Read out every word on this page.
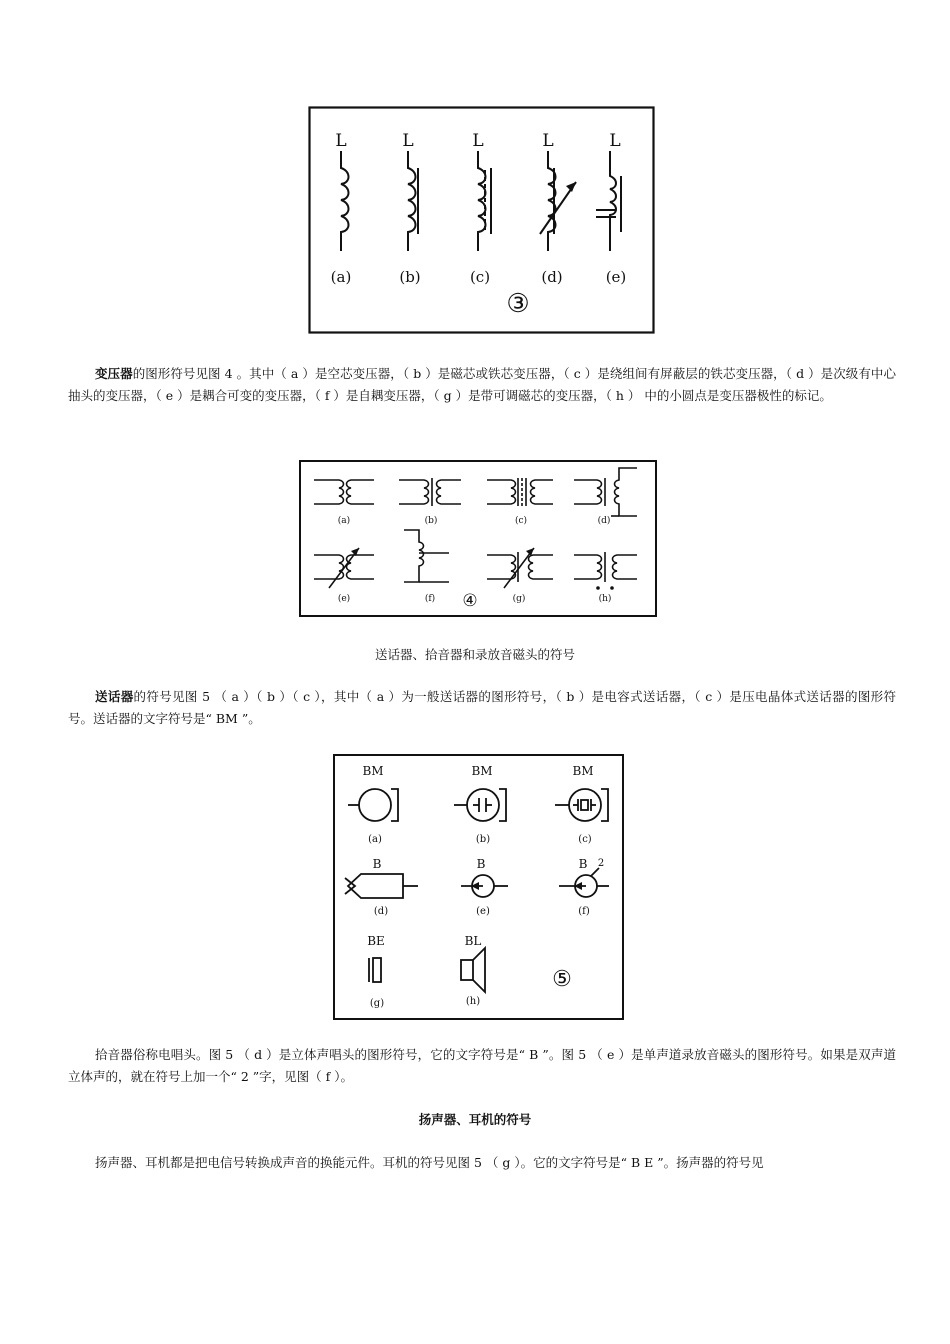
L	L	L	L	L
(a)	(b)	(c)	(d)	(e)
③
变压器的图形符号见图 4 。其中（ a ）是空芯变压器，（ b ）是磁芯或铁芯变压器，（ c ）是绕组间有屏蔽层的铁芯变压器，（ d ）是次级有中心抽头的变压器，（ e ）是耦合可变的变压器，（ f ）是自耦变压器，（ g ）是带可调磁芯的变压器，（ h ） 中的小圆点是变压器极性的标记。
(a)	(b)	(c)	(d)
(e)	(f)	(g)	(h)
④
送话器、拾音器和录放音磁头的符号
送话器的符号见图 5 （ a ）（ b ）（ c ），其中（ a ）为一般送话器的图形符号，（ b ）是电容式送话器，（ c ）是压电晶体式送话器的图形符号。送话器的文字符号是“ BM ”。
BM	BM	BM
(a)	(b)	(c)
B	B	B 2
(d)	(e)	(f)
BE	BL
(g)	(h)
⑤
拾音器俗称电唱头。图 5 （ d ）是立体声唱头的图形符号，它的文字符号是“ B ”。图 5 （ e ）是单声道录放音磁头的图形符号。如果是双声道立体声的，就在符号上加一个“ 2 ”字，见图（ f ）。
扬声器、耳机的符号
扬声器、耳机都是把电信号转换成声音的换能元件。耳机的符号见图 5 （ g ）。它的文字符号是“ B E ”。扬声器的符号见
